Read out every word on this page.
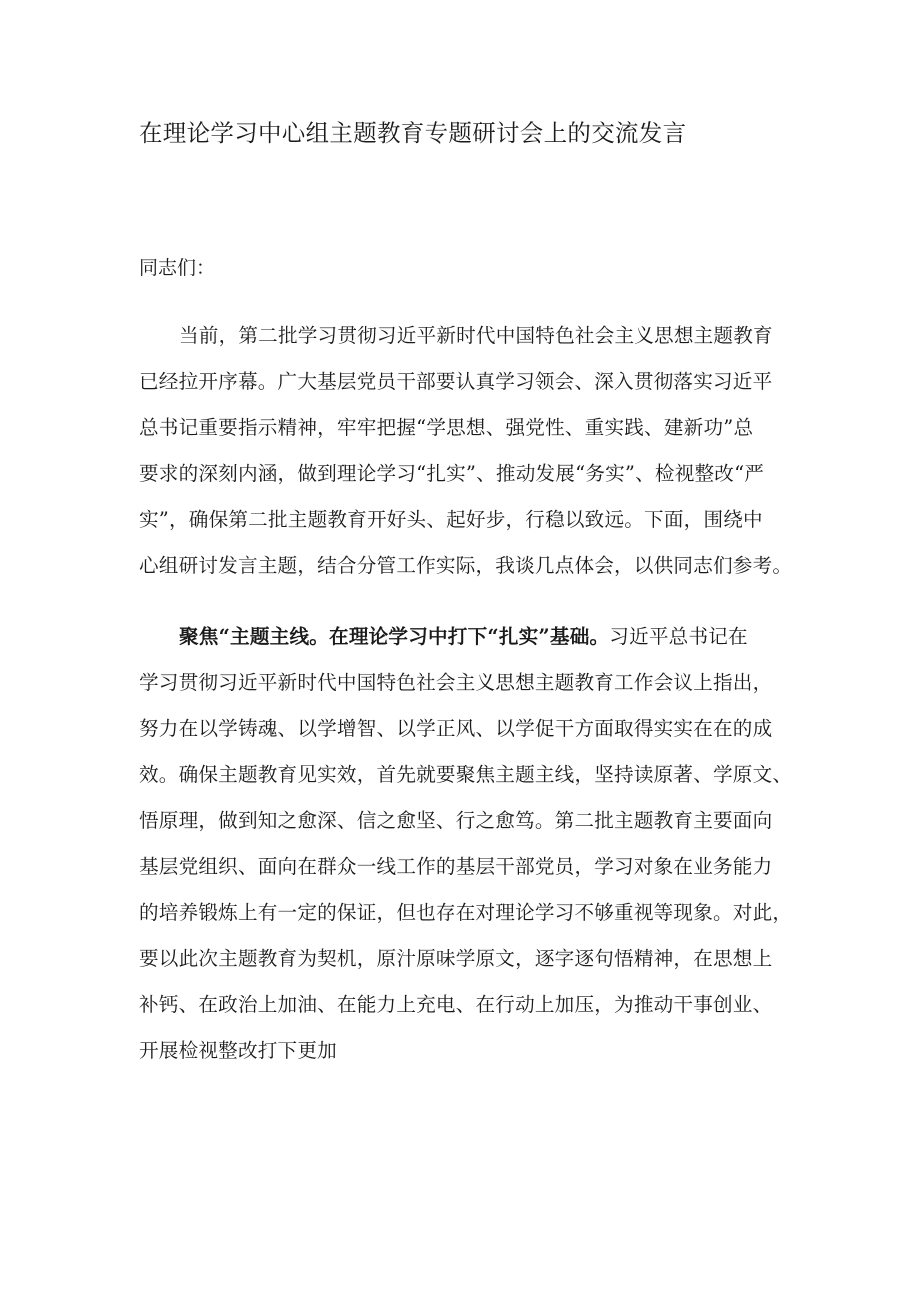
在理论学习中心组主题教育专题研讨会上的交流发言

同志们：

当前，第二批学习贯彻习近平新时代中国特色社会主义思想主题教育

已经拉开序幕。广大基层党员干部要认真学习领会、深入贯彻落实习近平

总书记重要指示精神，牢牢把握“学思想、强党性、重实践、建新功”总

要求的深刻内涵，做到理论学习“扎实”、推动发展“务实”、检视整改“严

实”，确保第二批主题教育开好头、起好步，行稳以致远。下面，围绕中

心组研讨发言主题，结合分管工作实际，我谈几点体会，以供同志们参考。

聚焦“主题主线。在理论学习中打下“扎实”基础。习近平总书记在

学习贯彻习近平新时代中国特色社会主义思想主题教育工作会议上指出，

努力在以学铸魂、以学增智、以学正风、以学促干方面取得实实在在的成

效。确保主题教育见实效，首先就要聚焦主题主线，坚持读原著、学原文、

悟原理，做到知之愈深、信之愈坚、行之愈笃。第二批主题教育主要面向

基层党组织、面向在群众一线工作的基层干部党员，学习对象在业务能力

的培养锻炼上有一定的保证，但也存在对理论学习不够重视等现象。对此，

要以此次主题教育为契机，原汁原味学原文，逐字逐句悟精神，在思想上

补钙、在政治上加油、在能力上充电、在行动上加压，为推动干事创业、

开展检视整改打下更加
